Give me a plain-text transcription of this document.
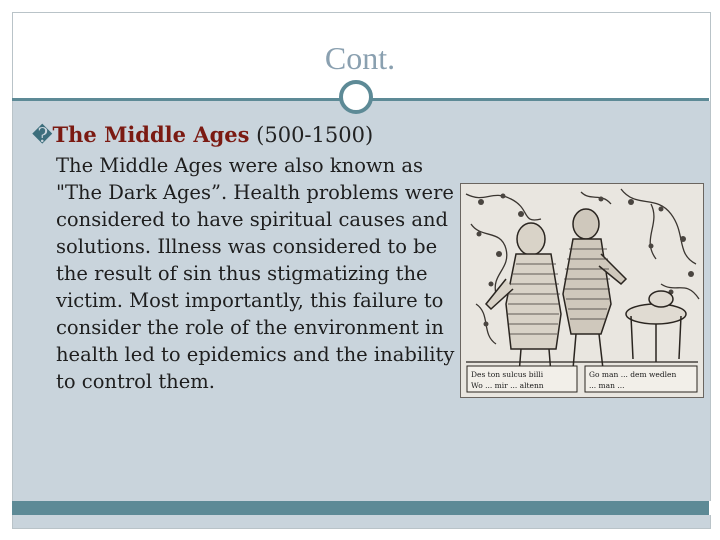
Cont.
�The Middle Ages (500-1500)
The Middle Ages were also known as "The Dark Ages”. Health problems were considered to have spiritual causes and solutions. Illness was considered to be the result of sin thus stigmatizing the victim. Most importantly, this failure to consider the role of the environment in health led to epidemics and the inability to control them.	Des ton sulcus billi
Wo ... mir ... altenn
Go man ... dem wedlen
... man ...
